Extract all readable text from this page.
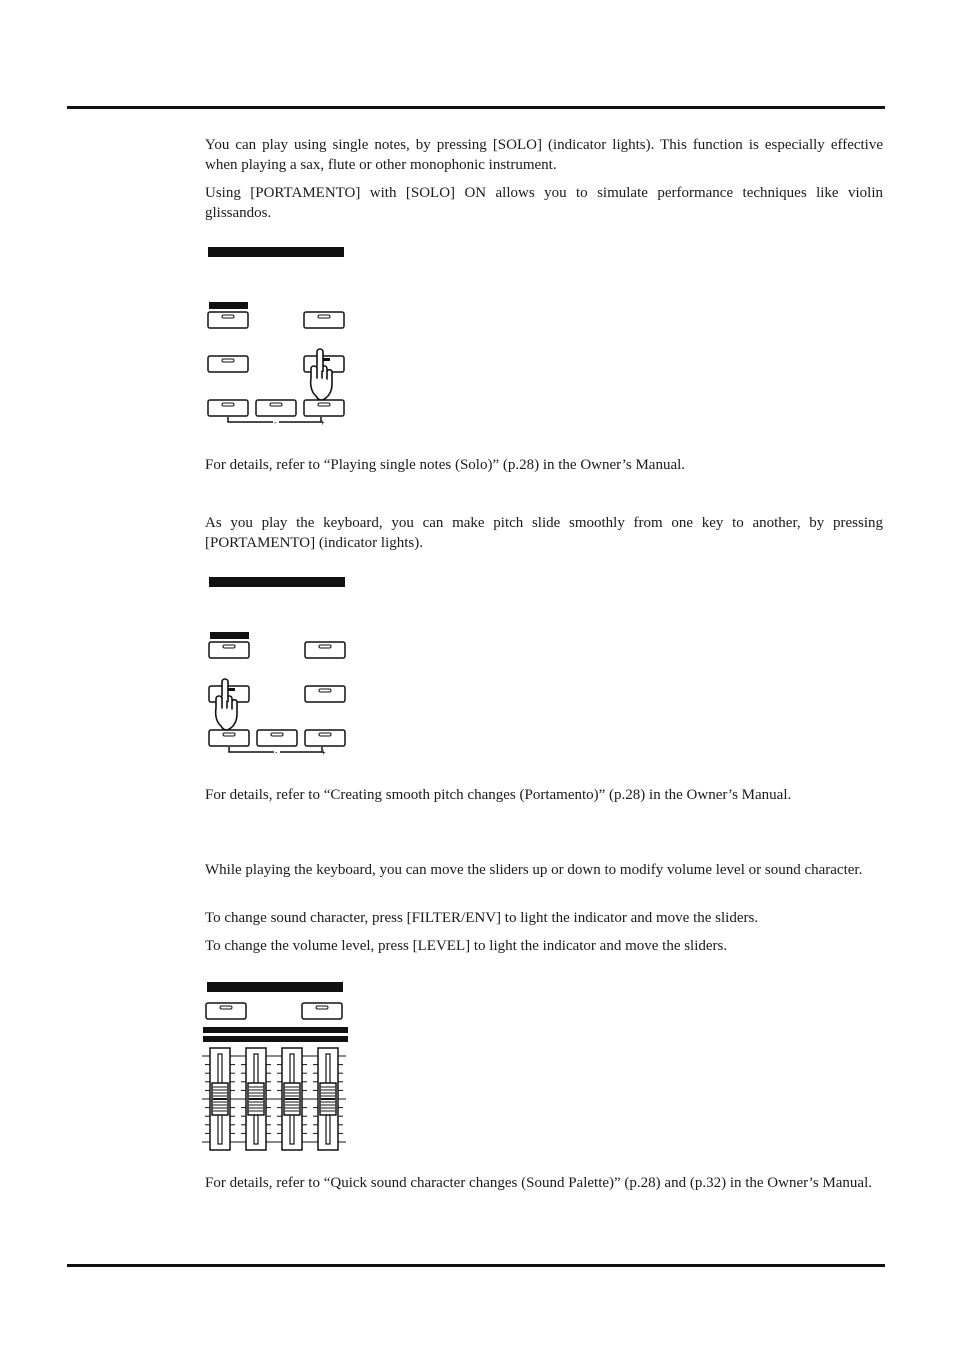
You can play using single notes, by pressing [SOLO] (indicator lights). This function is especially effective when playing a sax, flute or other monophonic instrument.

Using [PORTAMENTO] with [SOLO] ON allows you to simulate performance techniques like violin glissandos.

-	+

For details, refer to “Playing single notes (Solo)” (p.28) in the Owner’s Manual.

As you play the keyboard, you can make pitch slide smoothly from one key to another, by pressing [PORTAMENTO] (indicator lights).

-	+

For details, refer to “Creating smooth pitch changes (Portamento)” (p.28) in the Owner’s Manual.

While playing the keyboard, you can move the sliders up or down to modify volume level or sound character.

To change sound character, press [FILTER/ENV] to light the indicator and move the sliders.

To change the volume level, press [LEVEL] to light the indicator and move the sliders.

For details, refer to “Quick sound character changes (Sound Palette)” (p.28) and (p.32) in the Owner’s Manual.
